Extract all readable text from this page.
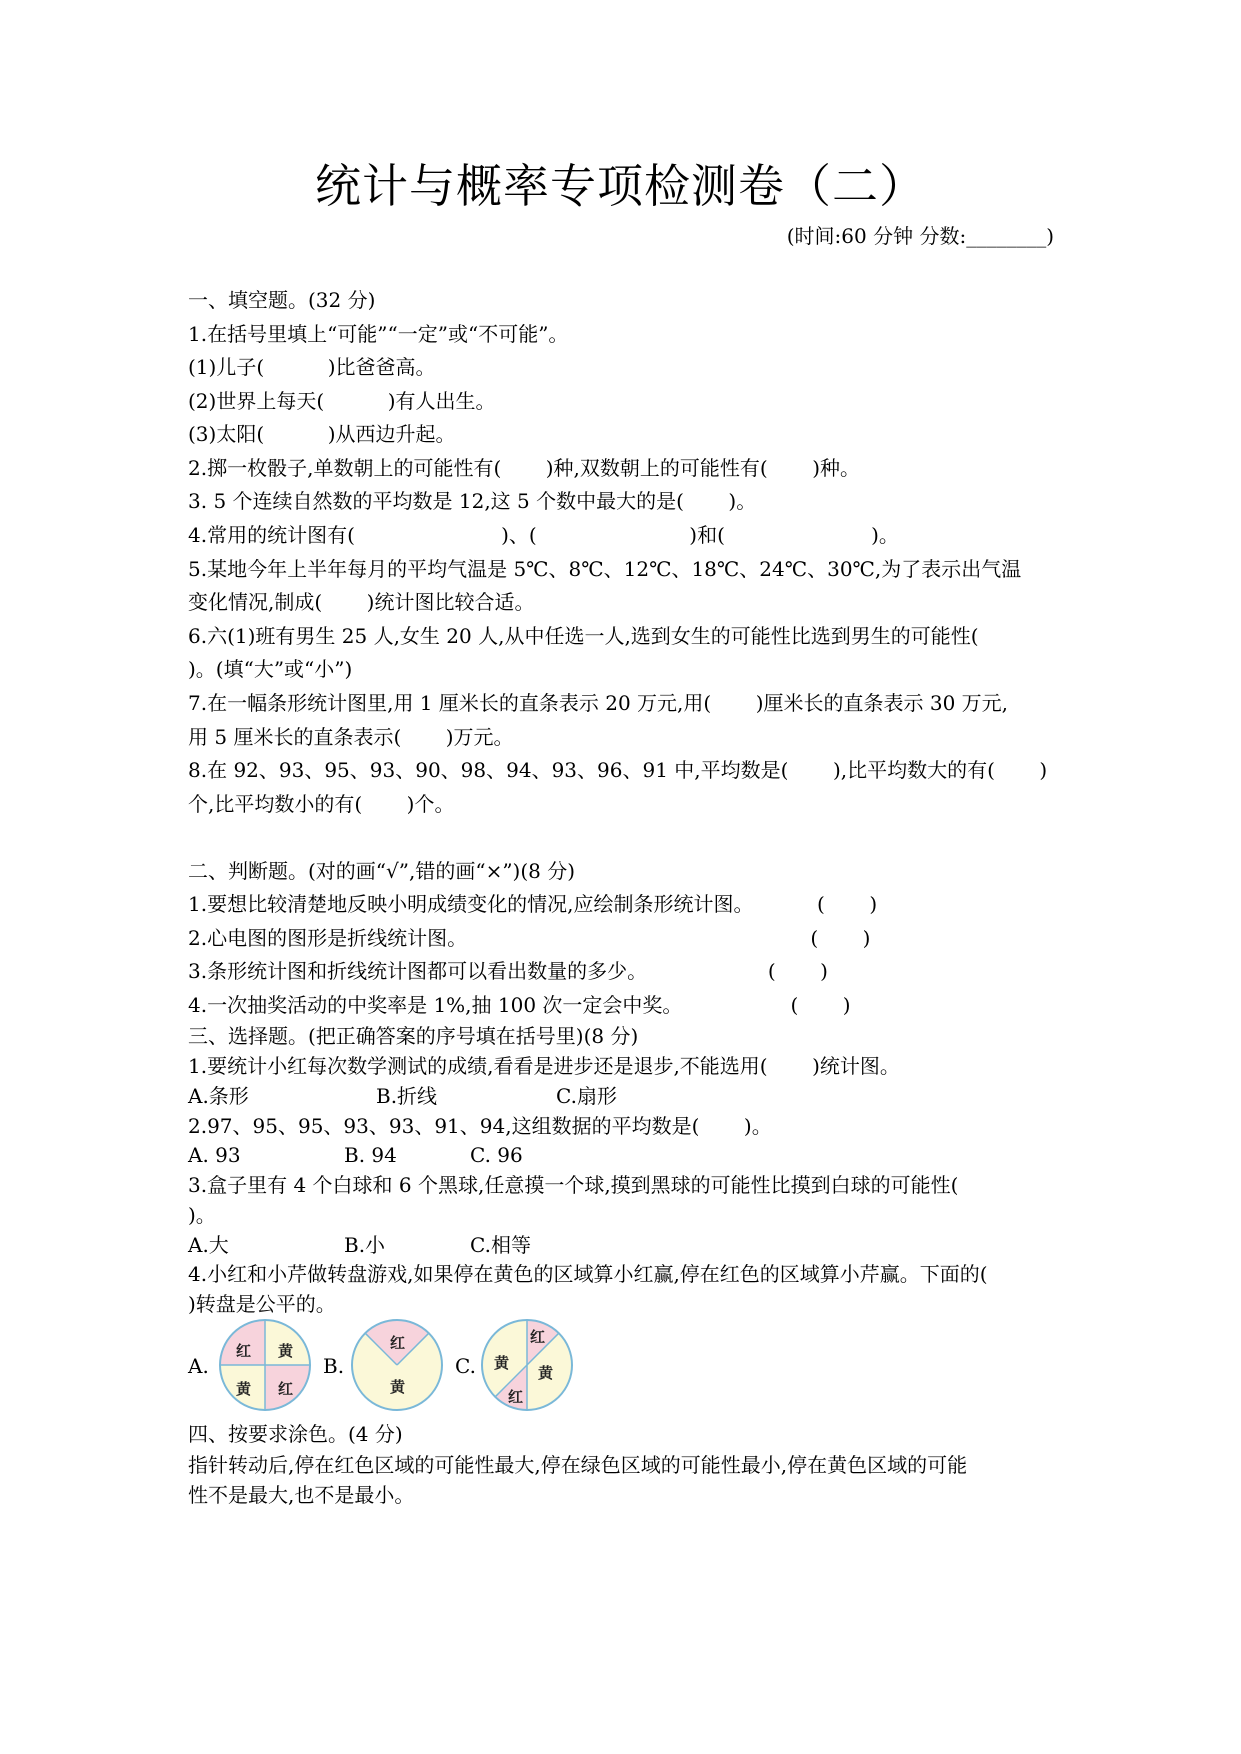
统计与概率专项检测卷（二）
(时间:60 分钟 分数:________)
一、填空题。(32 分)
1.在括号里填上“可能”“一定”或“不可能”。
(1)儿子(          )比爸爸高。
(2)世界上每天(          )有人出生。
(3)太阳(          )从西边升起。
2.掷一枚骰子,单数朝上的可能性有(       )种,双数朝上的可能性有(       )种。
3. 5 个连续自然数的平均数是 12,这 5 个数中最大的是(       )。
4.常用的统计图有(                       )、(                        )和(                       )。
5.某地今年上半年每月的平均气温是 5℃、8℃、12℃、18℃、24℃、30℃,为了表示出气温
变化情况,制成(       )统计图比较合适。
6.六(1)班有男生 25 人,女生 20 人,从中任选一人,选到女生的可能性比选到男生的可能性(
)。(填“大”或“小”)
7.在一幅条形统计图里,用 1 厘米长的直条表示 20 万元,用(       )厘米长的直条表示 30 万元,
用 5 厘米长的直条表示(       )万元。
8.在 92、93、95、93、90、98、94、93、96、91 中,平均数是(       ),比平均数大的有(       )
个,比平均数小的有(       )个。
二、判断题。(对的画“√”,错的画“×”)(8 分)
1.要想比较清楚地反映小明成绩变化的情况,应绘制条形统计图。          (       )
2.心电图的图形是折线统计图。                                                      (       )
3.条形统计图和折线统计图都可以看出数量的多少。                   (       )
4.一次抽奖活动的中奖率是 1%,抽 100 次一定会中奖。                 (       )
三、选择题。(把正确答案的序号填在括号里)(8 分)
1.要统计小红每次数学测试的成绩,看看是进步还是退步,不能选用(       )统计图。
A.条形	B.折线	C.扇形
2.97、95、95、93、93、91、94,这组数据的平均数是(       )。
A. 93	B. 94	C. 96
3.盒子里有 4 个白球和 6 个黑球,任意摸一个球,摸到黑球的可能性比摸到白球的可能性(
)。
A.大	B.小	C.相等
4.小红和小芹做转盘游戏,如果停在黄色的区域算小红赢,停在红色的区域算小芹赢。下面的(
)转盘是公平的。
A.
红 黄
黄 红
B.
红
黄
C.
红
黄
黄
红
四、按要求涂色。(4 分)
指针转动后,停在红色区域的可能性最大,停在绿色区域的可能性最小,停在黄色区域的可能
性不是最大,也不是最小。
